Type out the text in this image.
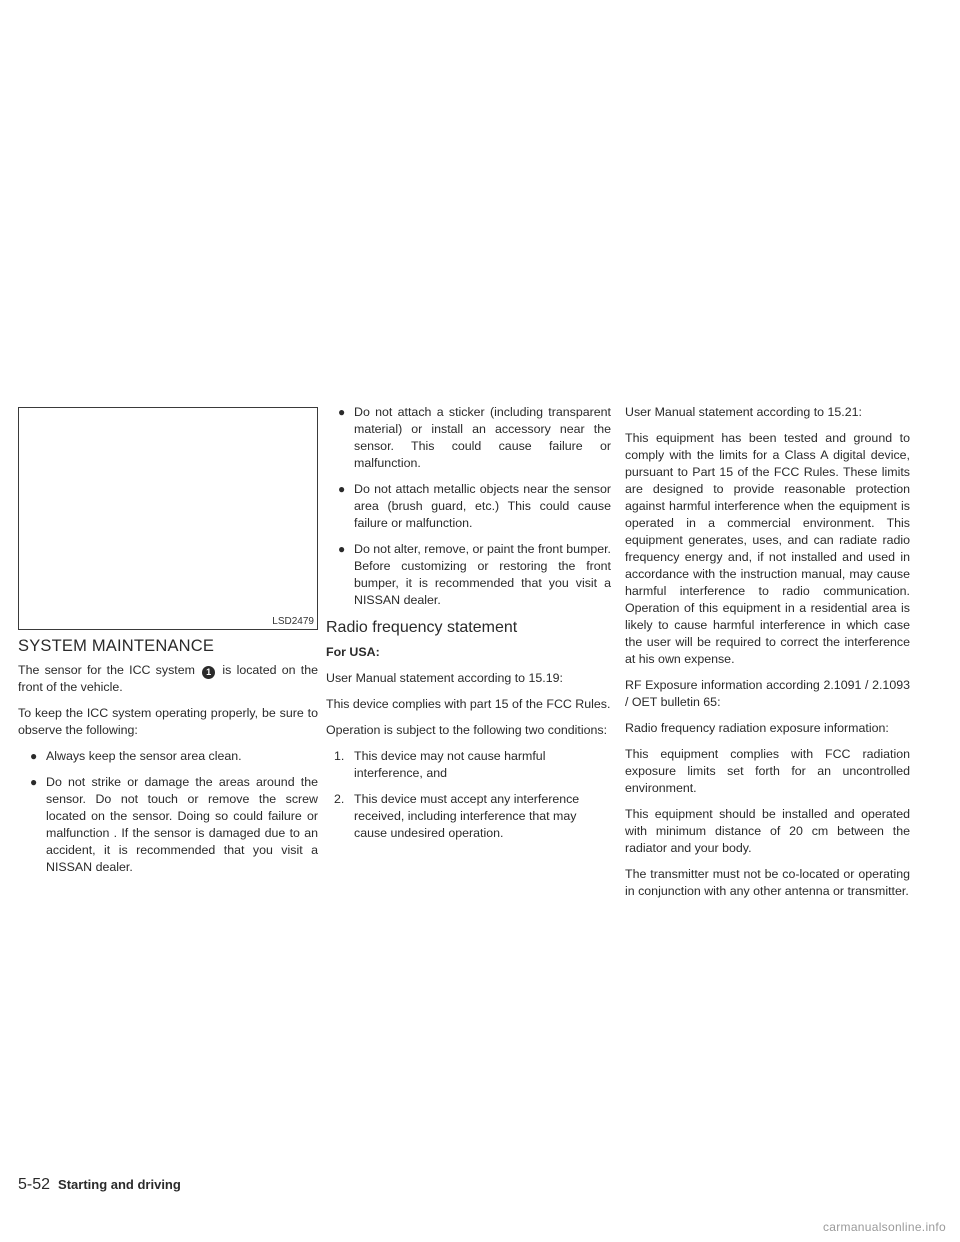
LSD2479
SYSTEM MAINTENANCE

The sensor for the ICC system 1 is located on the front of the vehicle.

To keep the ICC system operating properly, be sure to observe the following:

● Always keep the sensor area clean.
● Do not strike or damage the areas around the sensor. Do not touch or remove the screw located on the sensor. Doing so could failure or malfunction . If the sensor is damaged due to an accident, it is recommended that you visit a NISSAN dealer.
● Do not attach a sticker (including transparent material) or install an accessory near the sensor. This could cause failure or malfunction.
● Do not attach metallic objects near the sensor area (brush guard, etc.) This could cause failure or malfunction.
● Do not alter, remove, or paint the front bumper. Before customizing or restoring the front bumper, it is recommended that you visit a NISSAN dealer.
Radio frequency statement

For USA:

User Manual statement according to 15.19:

This device complies with part 15 of the FCC Rules.

Operation is subject to the following two conditions:

1. This device may not cause harmful interference, and
2. This device must accept any interference received, including interference that may cause undesired operation.

User Manual statement according to 15.21:

This equipment has been tested and ground to comply with the limits for a Class A digital device, pursuant to Part 15 of the FCC Rules. These limits are designed to provide reasonable protection against harmful interference when the equipment is operated in a commercial environment. This equipment generates, uses, and can radiate radio frequency energy and, if not installed and used in accordance with the instruction manual, may cause harmful interference to radio communication. Operation of this equipment in a residential area is likely to cause harmful interference in which case the user will be required to correct the interference at his own expense.

RF Exposure information according 2.1091 / 2.1093 / OET bulletin 65:

Radio frequency radiation exposure information:

This equipment complies with FCC radiation exposure limits set forth for an uncontrolled environment.

This equipment should be installed and operated with minimum distance of 20 cm between the radiator and your body.

The transmitter must not be co-located or operating in conjunction with any other antenna or transmitter.

5-52 Starting and driving
carmanualsonline.info
